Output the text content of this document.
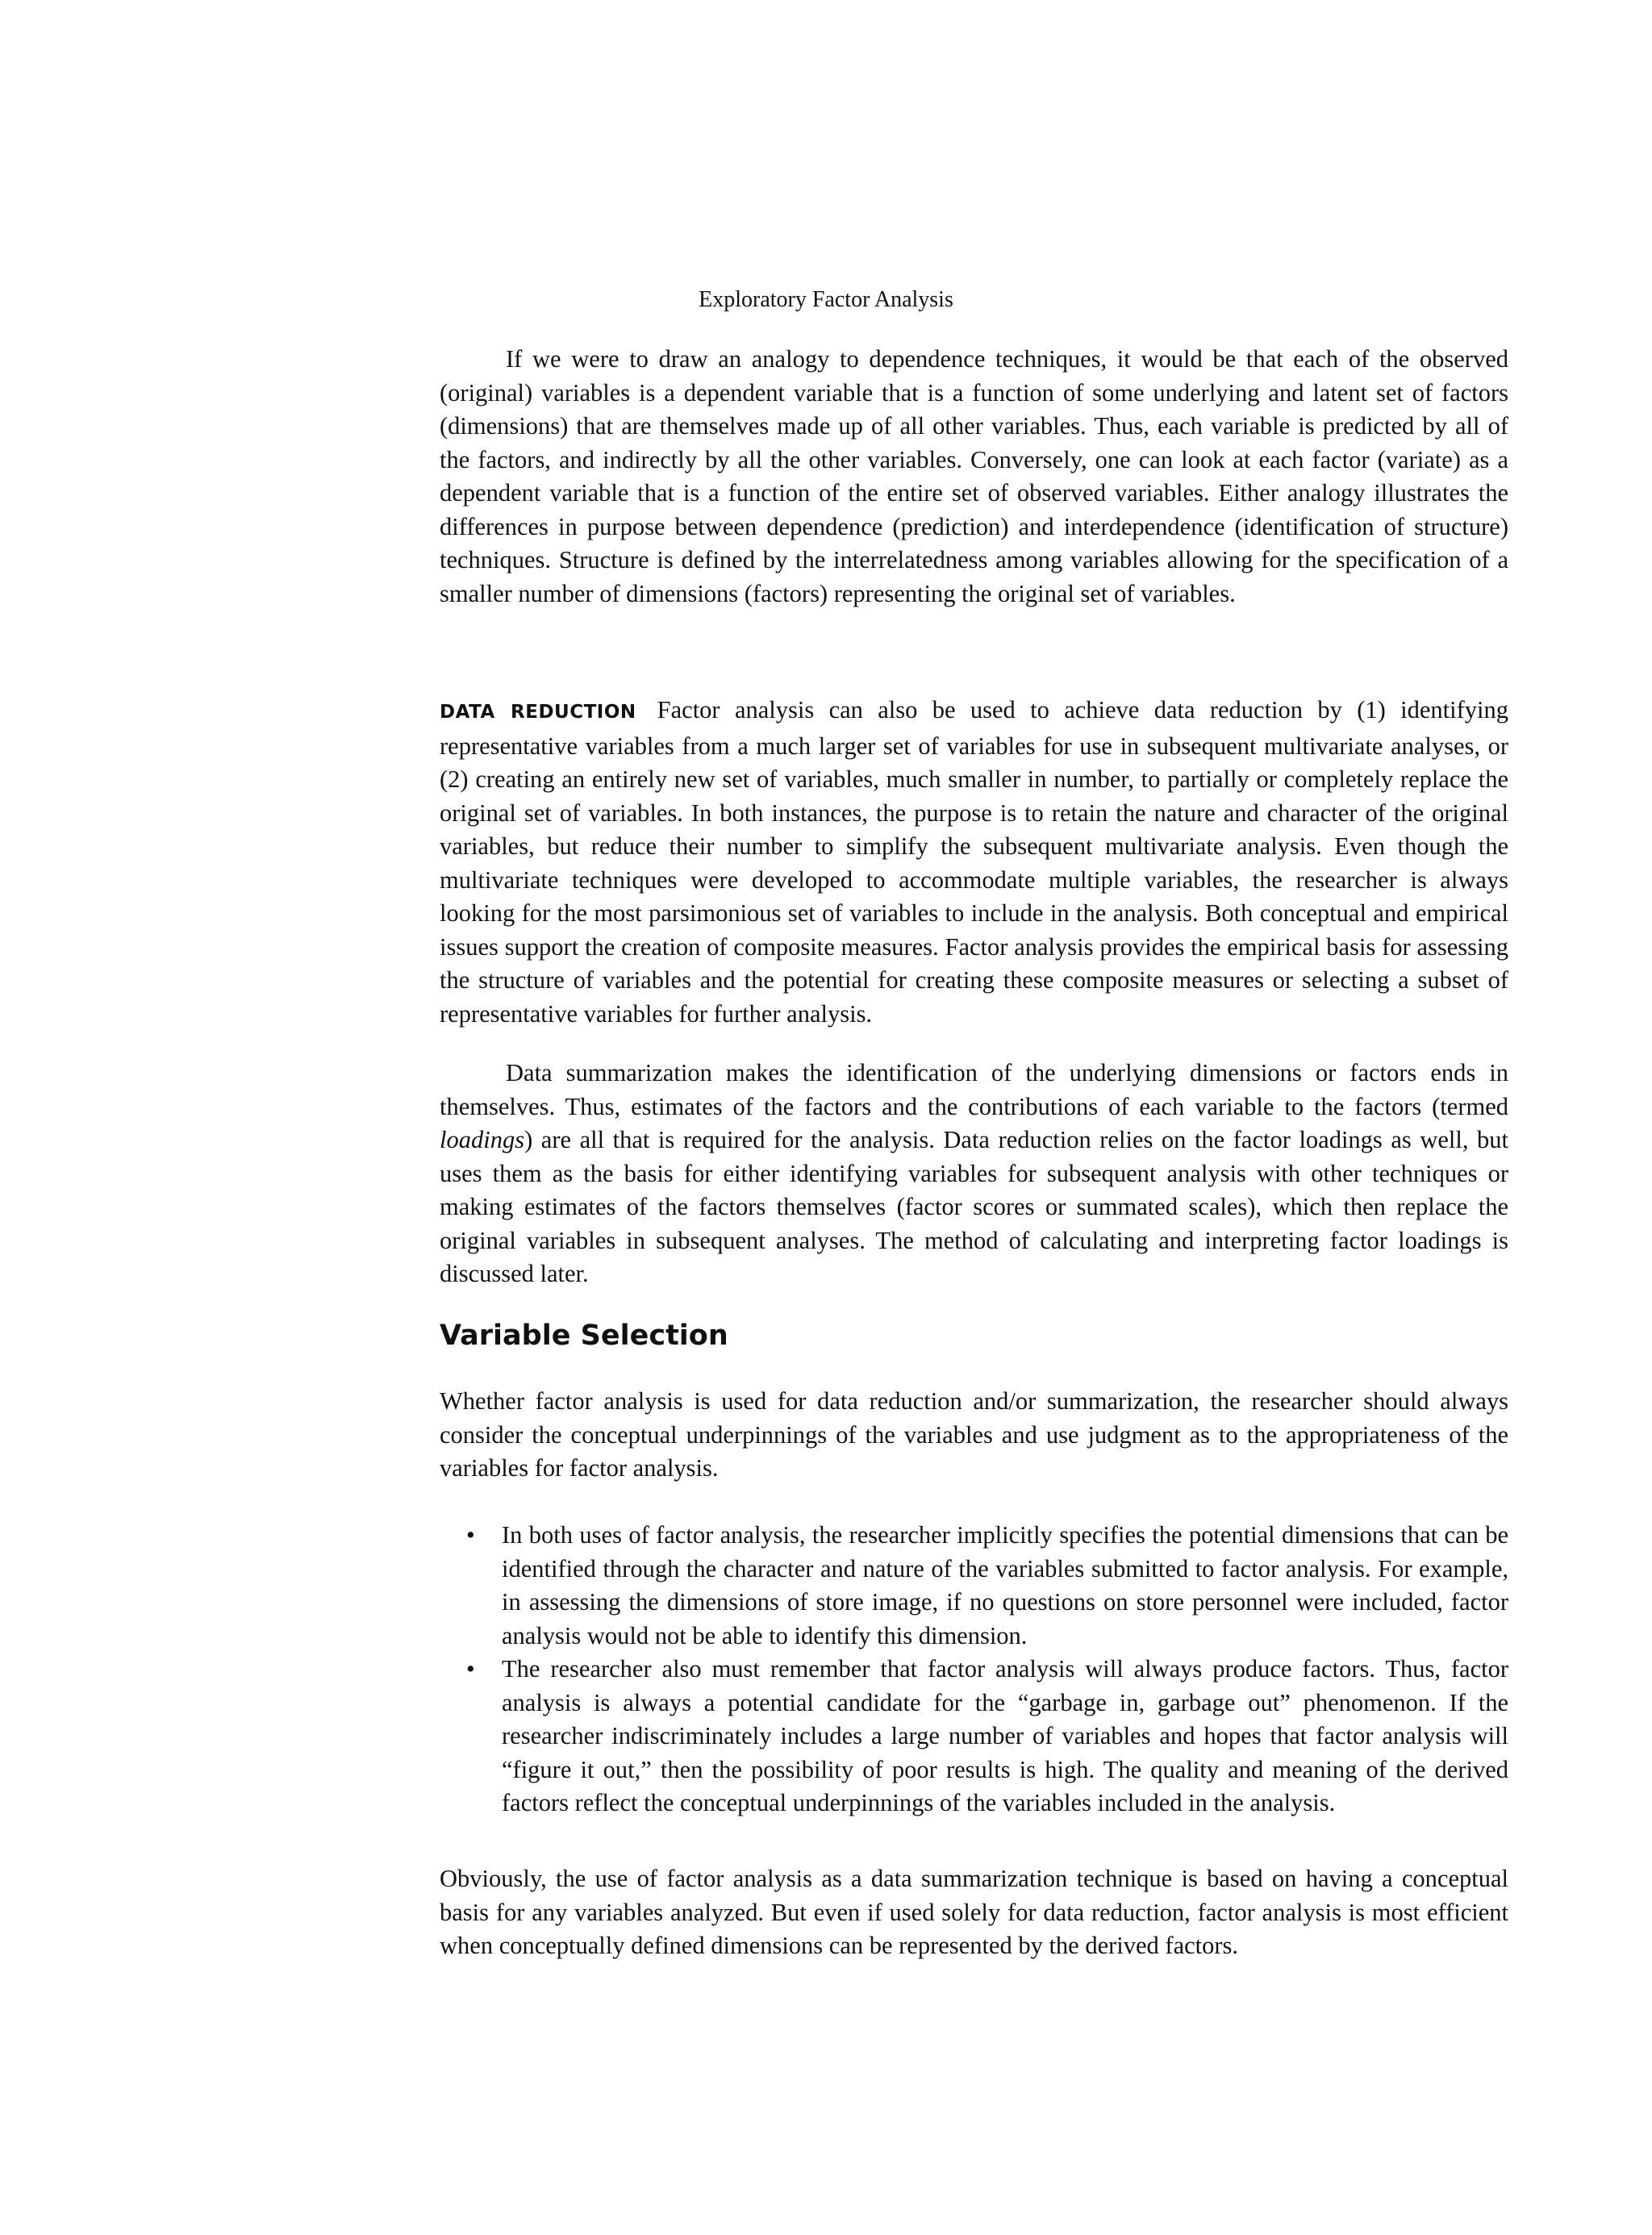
Exploratory Factor Analysis

If we were to draw an analogy to dependence techniques, it would be that each of the observed (original) variables is a dependent variable that is a function of some underlying and latent set of factors (dimensions) that are themselves made up of all other variables. Thus, each variable is predicted by all of the factors, and indirectly by all the other variables. Conversely, one can look at each factor (variate) as a dependent variable that is a function of the entire set of observed variables. Either analogy illustrates the differences in purpose between dependence (prediction) and interdependence (identification of structure) techniques. Structure is defined by the interrelatedness among variables allowing for the specification of a smaller number of dimensions (factors) representing the original set of variables.

DATA REDUCTION Factor analysis can also be used to achieve data reduction by (1) identifying representative variables from a much larger set of variables for use in subsequent multivariate analyses, or (2) creating an entirely new set of variables, much smaller in number, to partially or completely replace the original set of variables. In both instances, the purpose is to retain the nature and character of the original variables, but reduce their number to simplify the subsequent multivariate analysis. Even though the multivariate techniques were developed to accommodate multiple variables, the researcher is always looking for the most parsimonious set of variables to include in the analysis. Both conceptual and empirical issues support the creation of composite measures. Factor analysis provides the empirical basis for assessing the structure of variables and the potential for creating these composite measures or selecting a subset of representative variables for further analysis.

Data summarization makes the identification of the underlying dimensions or factors ends in themselves. Thus, estimates of the factors and the contributions of each variable to the factors (termed loadings) are all that is required for the analysis. Data reduction relies on the factor loadings as well, but uses them as the basis for either identifying variables for subsequent analysis with other techniques or making estimates of the factors themselves (factor scores or summated scales), which then replace the original variables in subsequent analyses. The method of calculating and interpreting factor loadings is discussed later.

Variable Selection

Whether factor analysis is used for data reduction and/or summarization, the researcher should always consider the conceptual underpinnings of the variables and use judgment as to the appropriateness of the variables for factor analysis.

•	In both uses of factor analysis, the researcher implicitly specifies the potential dimensions that can be identified through the character and nature of the variables submitted to factor analysis. For example, in assessing the dimensions of store image, if no questions on store personnel were included, factor analysis would not be able to identify this dimension.
•	The researcher also must remember that factor analysis will always produce factors. Thus, factor analysis is always a potential candidate for the “garbage in, garbage out” phenomenon. If the researcher indiscriminately includes a large number of variables and hopes that factor analysis will “figure it out,” then the possibility of poor results is high. The quality and meaning of the derived factors reflect the conceptual underpinnings of the variables included in the analysis.

Obviously, the use of factor analysis as a data summarization technique is based on having a conceptual basis for any variables analyzed. But even if used solely for data reduction, factor analysis is most efficient when conceptually defined dimensions can be represented by the derived factors.
